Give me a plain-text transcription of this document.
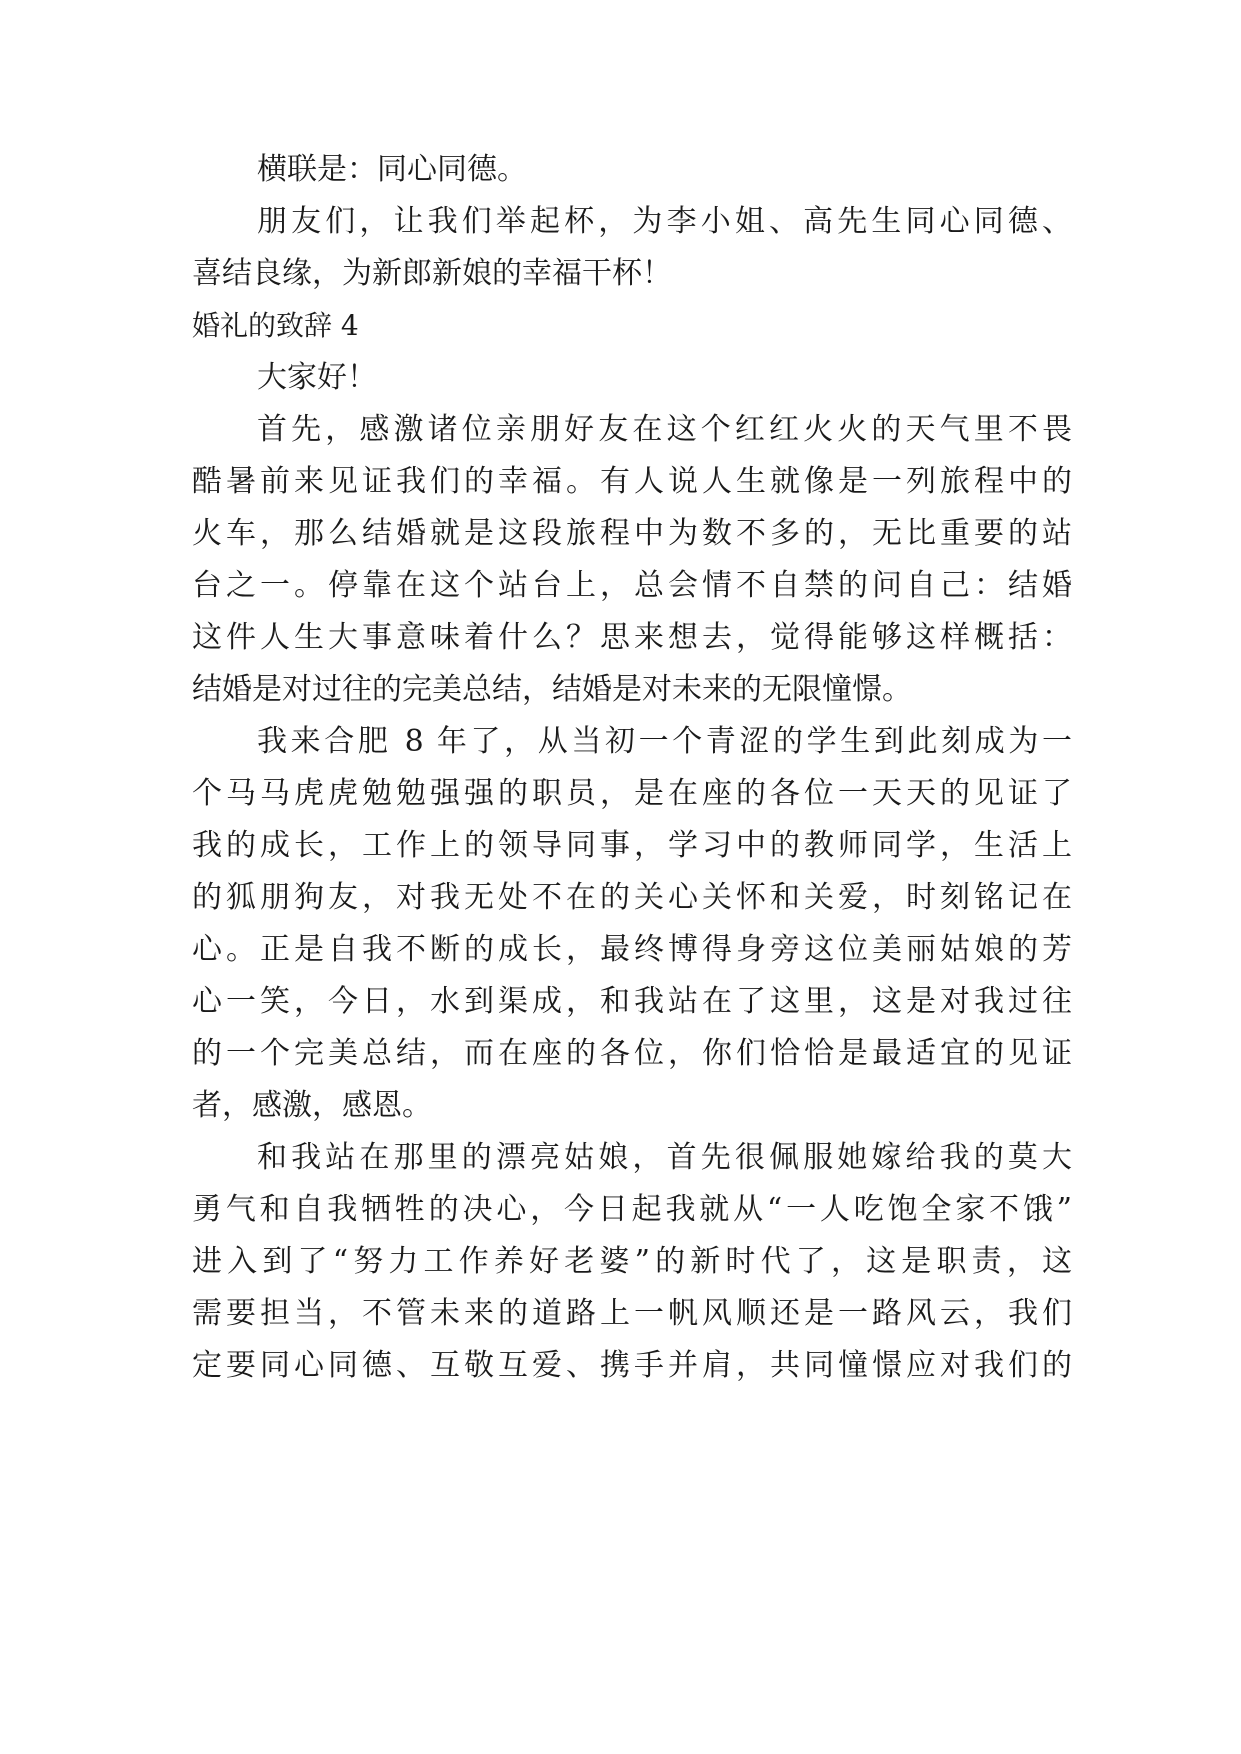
横联是：同心同德。
朋友们，让我们举起杯，为李小姐、高先生同心同德、
喜结良缘，为新郎新娘的幸福干杯！
婚礼的致辞 4
大家好！
首先，感激诸位亲朋好友在这个红红火火的天气里不畏
酷暑前来见证我们的幸福。有人说人生就像是一列旅程中的
火车，那么结婚就是这段旅程中为数不多的，无比重要的站
台之一。停靠在这个站台上，总会情不自禁的问自己：结婚
这件人生大事意味着什么？思来想去，觉得能够这样概括：
结婚是对过往的完美总结，结婚是对未来的无限憧憬。
我来合肥 8 年了，从当初一个青涩的学生到此刻成为一
个马马虎虎勉勉强强的职员，是在座的各位一天天的见证了
我的成长，工作上的领导同事，学习中的教师同学，生活上
的狐朋狗友，对我无处不在的关心关怀和关爱，时刻铭记在
心。正是自我不断的成长，最终博得身旁这位美丽姑娘的芳
心一笑，今日，水到渠成，和我站在了这里，这是对我过往
的一个完美总结，而在座的各位，你们恰恰是最适宜的见证
者，感激，感恩。
和我站在那里的漂亮姑娘，首先很佩服她嫁给我的莫大
勇气和自我牺牲的决心，今日起我就从“一人吃饱全家不饿”
进入到了“努力工作养好老婆”的新时代了，这是职责，这
需要担当，不管未来的道路上一帆风顺还是一路风云，我们
定要同心同德、互敬互爱、携手并肩，共同憧憬应对我们的
